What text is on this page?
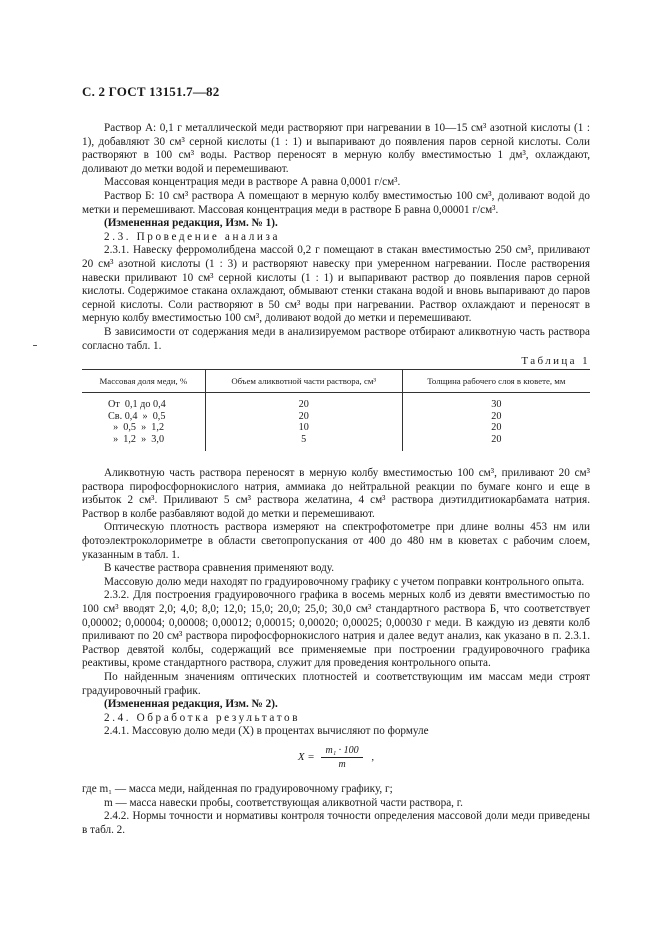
С. 2 ГОСТ 13151.7—82

Раствор А: 0,1 г металлической меди растворяют при нагревании в 10—15 см³ азотной кислоты (1 : 1), добавляют 30 см³ серной кислоты (1 : 1) и выпаривают до появления паров серной кислоты. Соли растворяют в 100 см³ воды. Раствор переносят в мерную колбу вместимостью 1 дм³, охлаждают, доливают до метки водой и перемешивают.

Массовая концентрация меди в растворе А равна 0,0001 г/см³.

Раствор Б: 10 см³ раствора А помещают в мерную колбу вместимостью 100 см³, доливают водой до метки и перемешивают. Массовая концентрация меди в растворе Б равна 0,00001 г/см³.

(Измененная редакция, Изм. № 1).

2.3. Проведение анализа

2.3.1. Навеску ферромолибдена массой 0,2 г помещают в стакан вместимостью 250 см³, приливают 20 см³ азотной кислоты (1 : 3) и растворяют навеску при умеренном нагревании. После растворения навески приливают 10 см³ серной кислоты (1 : 1) и выпаривают раствор до появления паров серной кислоты. Содержимое стакана охлаждают, обмывают стенки стакана водой и вновь выпаривают до паров серной кислоты. Соли растворяют в 50 см³ воды при нагревании. Раствор охлаждают и переносят в мерную колбу вместимостью 100 см³, доливают водой до метки и перемешивают.

В зависимости от содержания меди в анализируемом растворе отбирают аликвотную часть раствора согласно табл. 1.

Таблица 1
Массовая доля меди, %	Объем аликвотной части раствора, см³	Толщина рабочего слоя в кювете, мм
От  0,1 до 0,4	20	30
Св. 0,4  »  0,5	20	20
»  0,5  »  1,2	10	20
»  1,2  »  3,0	5	20

Аликвотную часть раствора переносят в мерную колбу вместимостью 100 см³, приливают 20 см³ раствора пирофосфорнокислого натрия, аммиака до нейтральной реакции по бумаге конго и еще в избыток 2 см³. Приливают 5 см³ раствора желатина, 4 см³ раствора диэтилдитиокарбамата натрия. Раствор в колбе разбавляют водой до метки и перемешивают.

Оптическую плотность раствора измеряют на спектрофотометре при длине волны 453 нм или фотоэлектроколориметре в области светопропускания от 400 до 480 нм в кюветах с рабочим слоем, указанным в табл. 1.

В качестве раствора сравнения применяют воду.

Массовую долю меди находят по градуировочному графику с учетом поправки контрольного опыта.

2.3.2. Для построения градуировочного графика в восемь мерных колб из девяти вместимостью по 100 см³ вводят 2,0; 4,0; 8,0; 12,0; 15,0; 20,0; 25,0; 30,0 см³ стандартного раствора Б, что соответствует 0,00002; 0,00004; 0,00008; 0,00012; 0,00015; 0,00020; 0,00025; 0,00030 г меди. В каждую из девяти колб приливают по 20 см³ раствора пирофосфорнокислого натрия и далее ведут анализ, как указано в п. 2.3.1. Раствор девятой колбы, содержащий все применяемые при построении градуировочного графика реактивы, кроме стандартного раствора, служит для проведения контрольного опыта.

По найденным значениям оптических плотностей и соответствующим им массам меди строят градуировочный график.

(Измененная редакция, Изм. № 2).

2.4. Обработка результатов

2.4.1. Массовую долю меди (X) в процентах вычисляют по формуле

$X = \frac{\text{m₁ · 100}}{m}$ ,

где m₁ — масса меди, найденная по градуировочному графику, г;

m — масса навески пробы, соответствующая аликвотной части раствора, г.

2.4.2. Нормы точности и нормативы контроля точности определения массовой доли меди приведены в табл. 2.
